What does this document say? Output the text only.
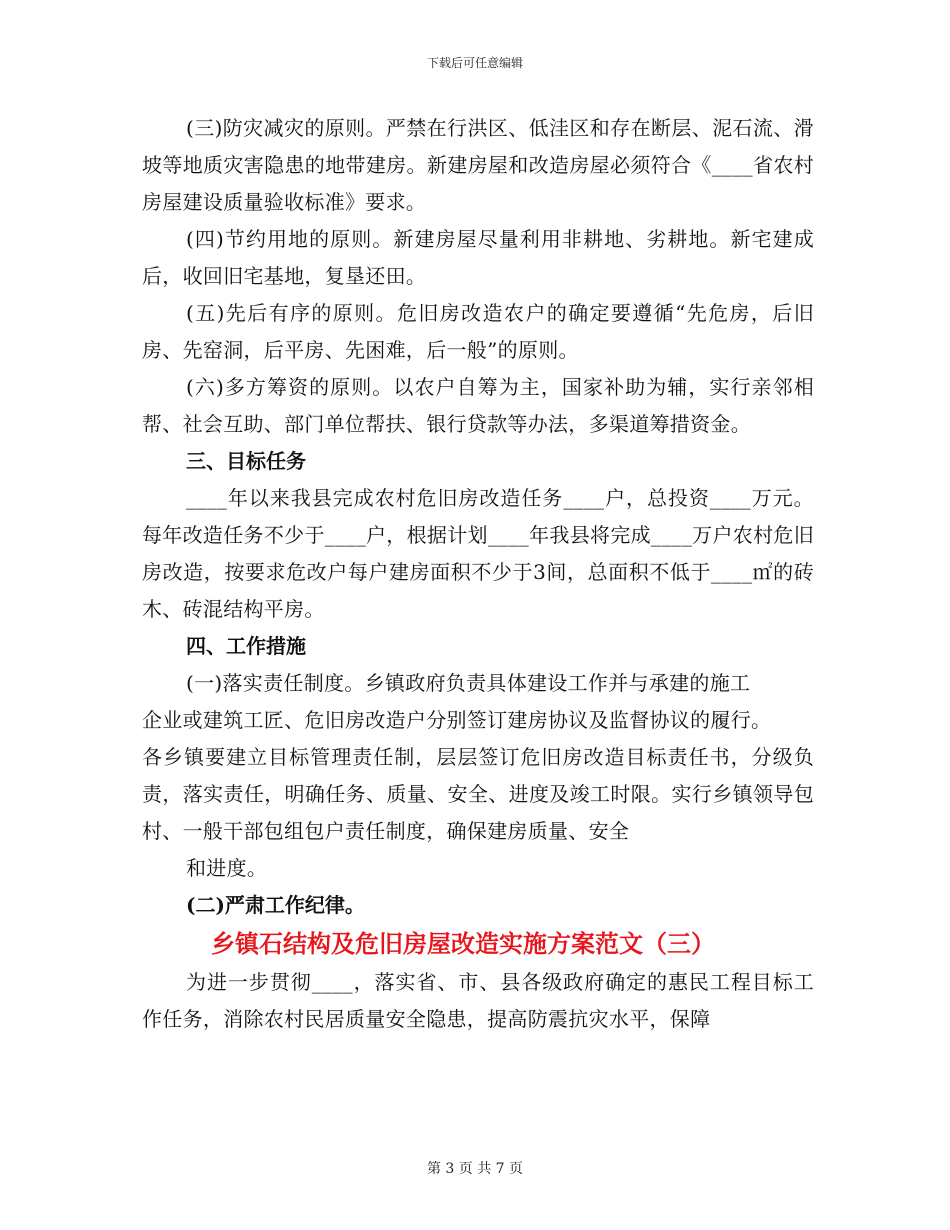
下载后可任意编辑

(三)防灾减灾的原则。严禁在行洪区、低洼区和存在断层、泥石流、滑坡等地质灾害隐患的地带建房。新建房屋和改造房屋必须符合《____省农村房屋建设质量验收标准》要求。

(四)节约用地的原则。新建房屋尽量利用非耕地、劣耕地。新宅建成后，收回旧宅基地，复垦还田。

(五)先后有序的原则。危旧房改造农户的确定要遵循“先危房，后旧房、先窑洞，后平房、先困难，后一般”的原则。

(六)多方筹资的原则。以农户自筹为主，国家补助为辅，实行亲邻相帮、社会互助、部门单位帮扶、银行贷款等办法，多渠道筹措资金。

三、目标任务

____年以来我县完成农村危旧房改造任务____户，总投资____万元。每年改造任务不少于____户，根据计划____年我县将完成____万户农村危旧房改造，按要求危改户每户建房面积不少于3间，总面积不低于____㎡的砖木、砖混结构平房。

四、工作措施

(一)落实责任制度。乡镇政府负责具体建设工作并与承建的施工

企业或建筑工匠、危旧房改造户分别签订建房协议及监督协议的履行。

各乡镇要建立目标管理责任制，层层签订危旧房改造目标责任书，分级负责，落实责任，明确任务、质量、安全、进度及竣工时限。实行乡镇领导包村、一般干部包组包户责任制度，确保建房质量、安全

和进度。

(二)严肃工作纪律。
乡镇石结构及危旧房屋改造实施方案范文（三）

为进一步贯彻____，落实省、市、县各级政府确定的惠民工程目标工作任务，消除农村民居质量安全隐患，提高防震抗灾水平，保障

第 3 页 共 7 页
